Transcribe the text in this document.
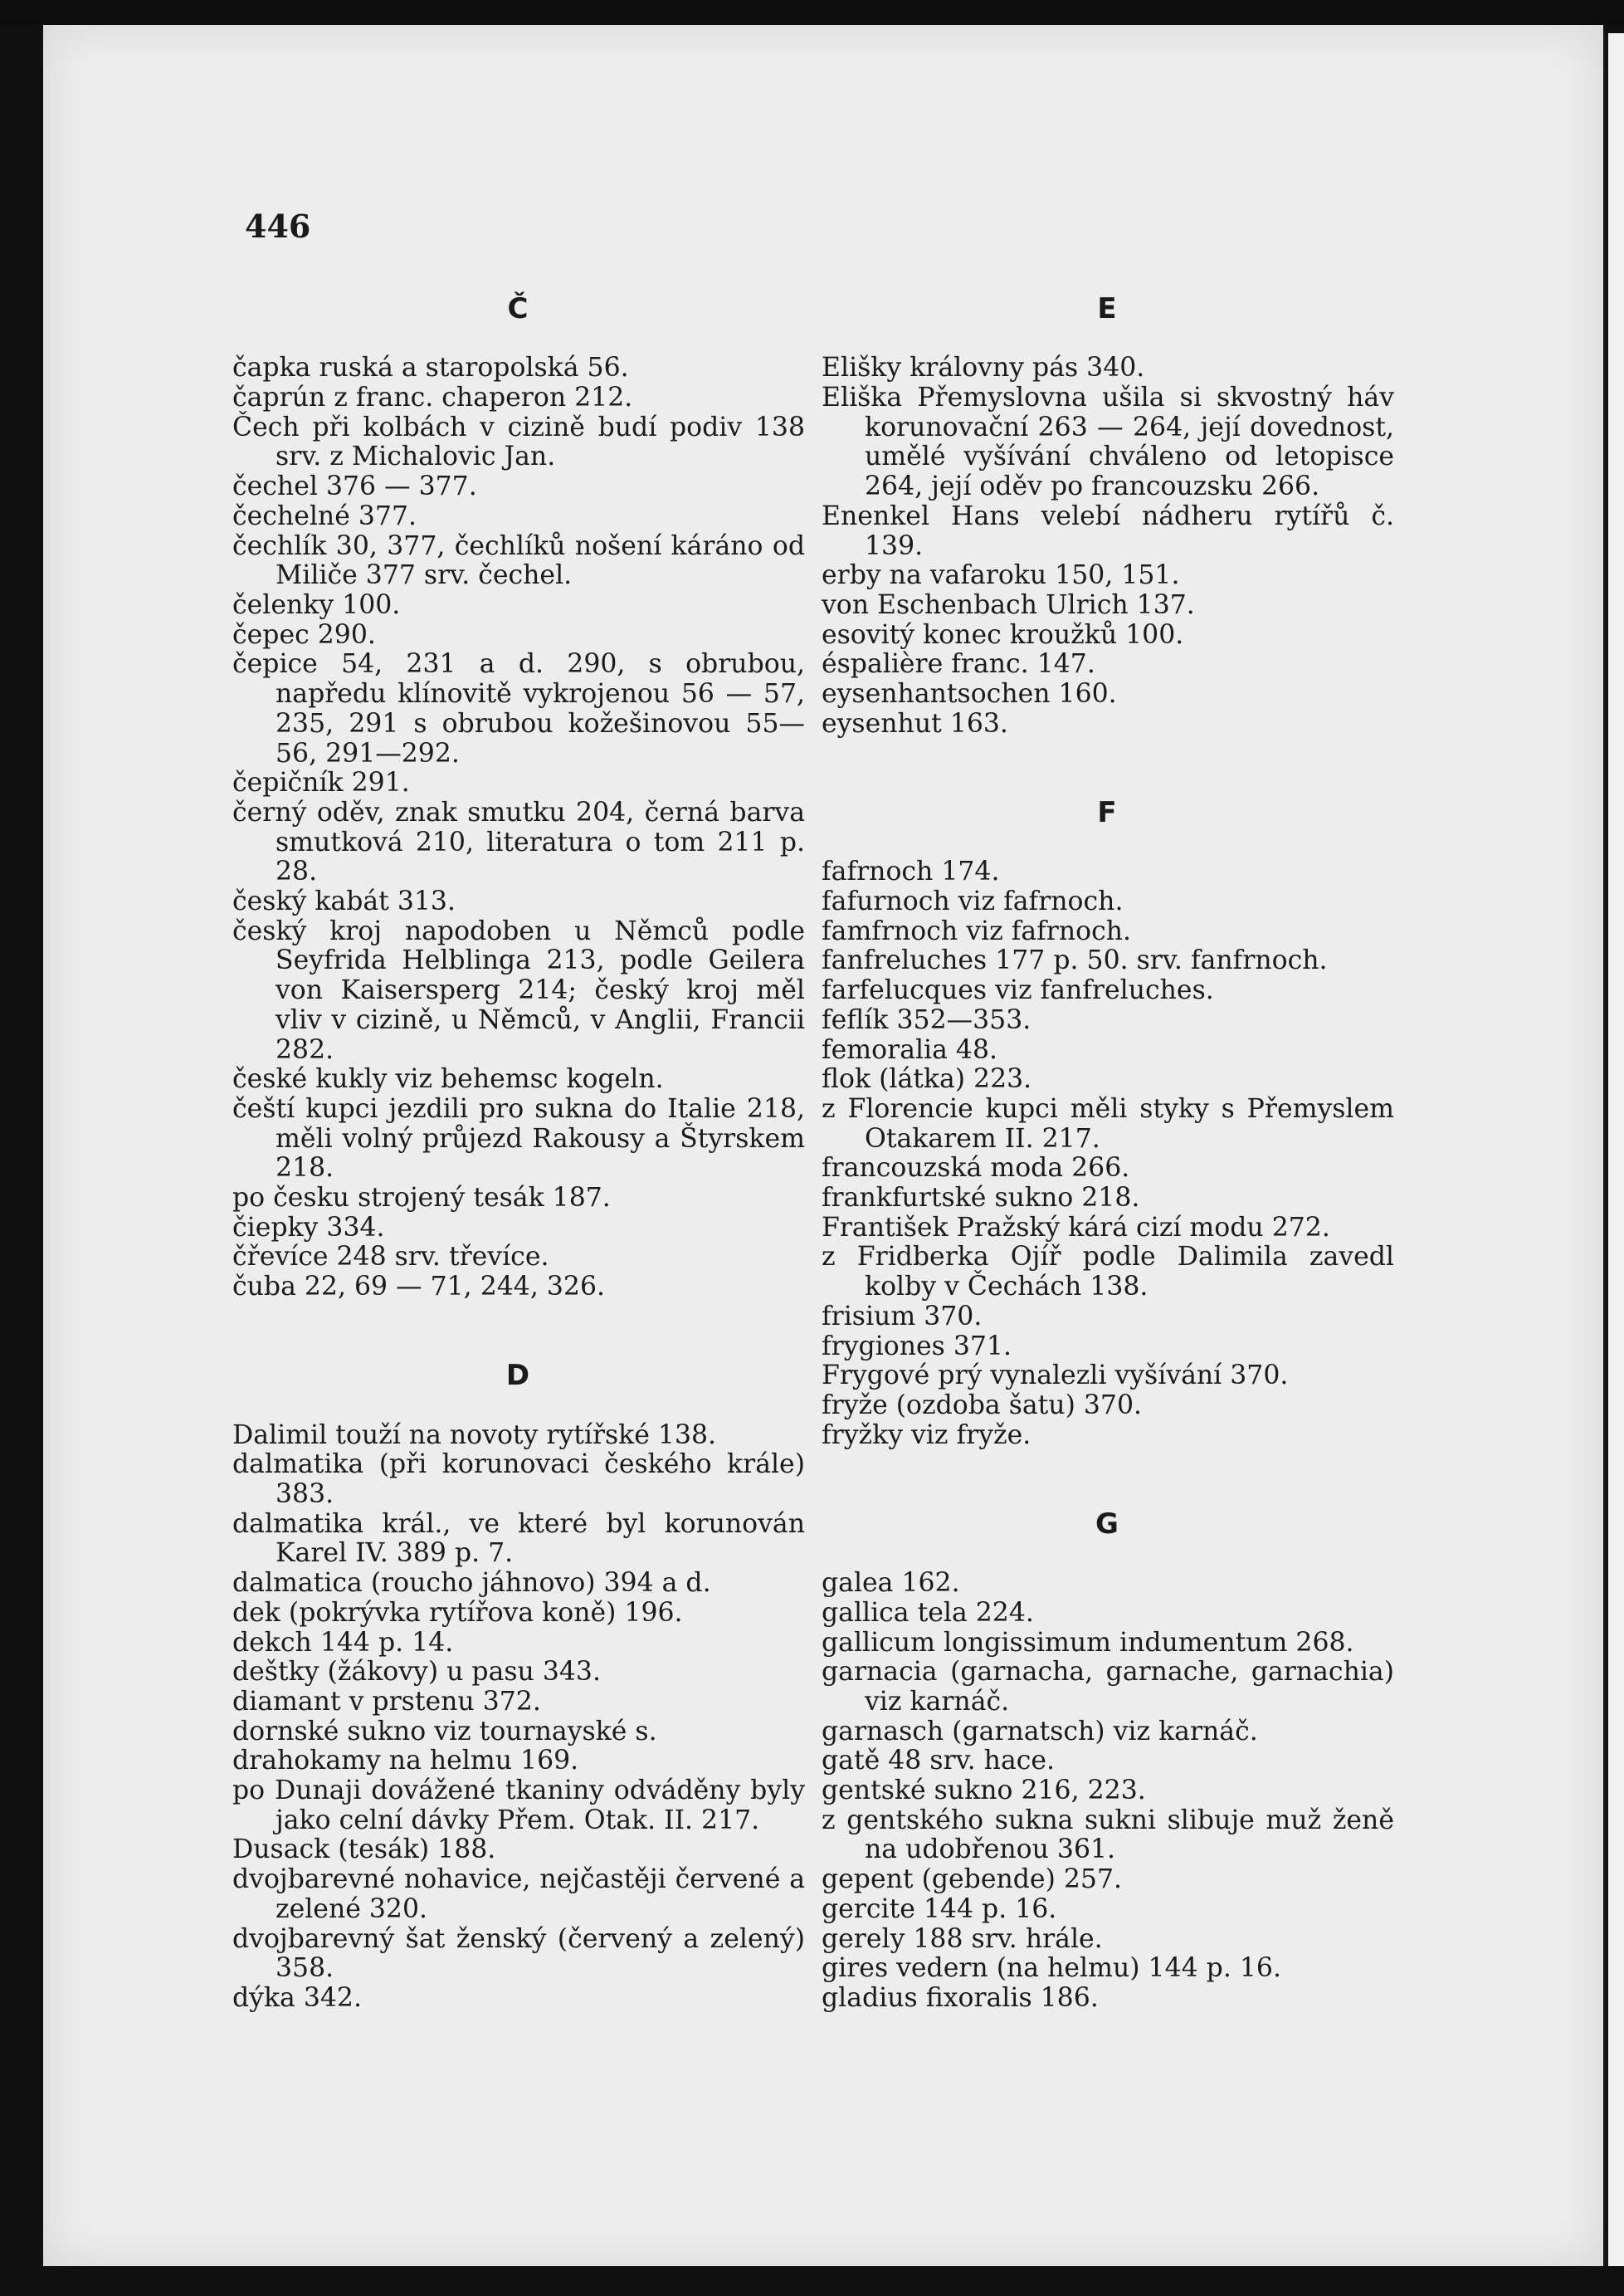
446
Č
čapka ruská a staropolská 56.
čaprún z franc. chaperon 212.
Čech při kolbách v cizině budí podiv 138 srv. z Michalovic Jan.
čechel 376 — 377.
čechelné 377.
čechlík 30, 377, čechlíků nošení káráno od Miliče 377 srv. čechel.
čelenky 100.
čepec 290.
čepice 54, 231 a d. 290, s obrubou, napředu klínovitě vykrojenou 56 — 57, 235, 291 s obrubou kožešinovou 55—56, 291—292.
čepičník 291.
černý oděv, znak smutku 204, černá barva smutková 210, literatura o tom 211 p. 28.
český kabát 313.
český kroj napodoben u Němců podle Seyfrida Helblinga 213, podle Geilera von Kaisersperg 214; český kroj měl vliv v cizině, u Němců, v Anglii, Francii 282.
české kukly viz behemsc kogeln.
čeští kupci jezdili pro sukna do Italie 218, měli volný průjezd Rakousy a Štyrskem 218.
po česku strojený tesák 187.
čiepky 334.
čřevíce 248 srv. třevíce.
čuba 22, 69 — 71, 244, 326.
D
Dalimil touží na novoty rytířské 138.
dalmatika (při korunovaci českého krále) 383.
dalmatika král., ve které byl korunován Karel IV. 389 p. 7.
dalmatica (roucho jáhnovo) 394 a d.
dek (pokrývka rytířova koně) 196.
dekch 144 p. 14.
deštky (žákovy) u pasu 343.
diamant v prstenu 372.
dornské sukno viz tournayské s.
drahokamy na helmu 169.
po Dunaji dovážené tkaniny odváděny byly jako celní dávky Přem. Otak. II. 217.
Dusack (tesák) 188.
dvojbarevné nohavice, nejčastěji červené a zelené 320.
dvojbarevný šat ženský (červený a zelený) 358.
dýka 342.
E
Elišky královny pás 340.
Eliška Přemyslovna ušila si skvostný háv korunovační 263 — 264, její dovednost, umělé vyšívání chváleno od letopisce 264, její oděv po francouzsku 266.
Enenkel Hans velebí nádheru rytířů č. 139.
erby na vafaroku 150, 151.
von Eschenbach Ulrich 137.
esovitý konec kroužků 100.
éspalière franc. 147.
eysenhantsochen 160.
eysenhut 163.
F
fafrnoch 174.
fafurnoch viz fafrnoch.
famfrnoch viz fafrnoch.
fanfreluches 177 p. 50. srv. fanfrnoch.
farfelucques viz fanfreluches.
feflík 352—353.
femoralia 48.
flok (látka) 223.
z Florencie kupci měli styky s Přemyslem Otakarem II. 217.
francouzská moda 266.
frankfurtské sukno 218.
František Pražský kárá cizí modu 272.
z Fridberka Ojíř podle Dalimila zavedl kolby v Čechách 138.
frisium 370.
frygiones 371.
Frygové prý vynalezli vyšívání 370.
fryže (ozdoba šatu) 370.
fryžky viz fryže.
G
galea 162.
gallica tela 224.
gallicum longissimum indumentum 268.
garnacia (garnacha, garnache, garnachia) viz karnáč.
garnasch (garnatsch) viz karnáč.
gatě 48 srv. hace.
gentské sukno 216, 223.
z gentského sukna sukni slibuje muž ženě na udobřenou 361.
gepent (gebende) 257.
gercite 144 p. 16.
gerely 188 srv. hrále.
gires vedern (na helmu) 144 p. 16.
gladius fixoralis 186.
